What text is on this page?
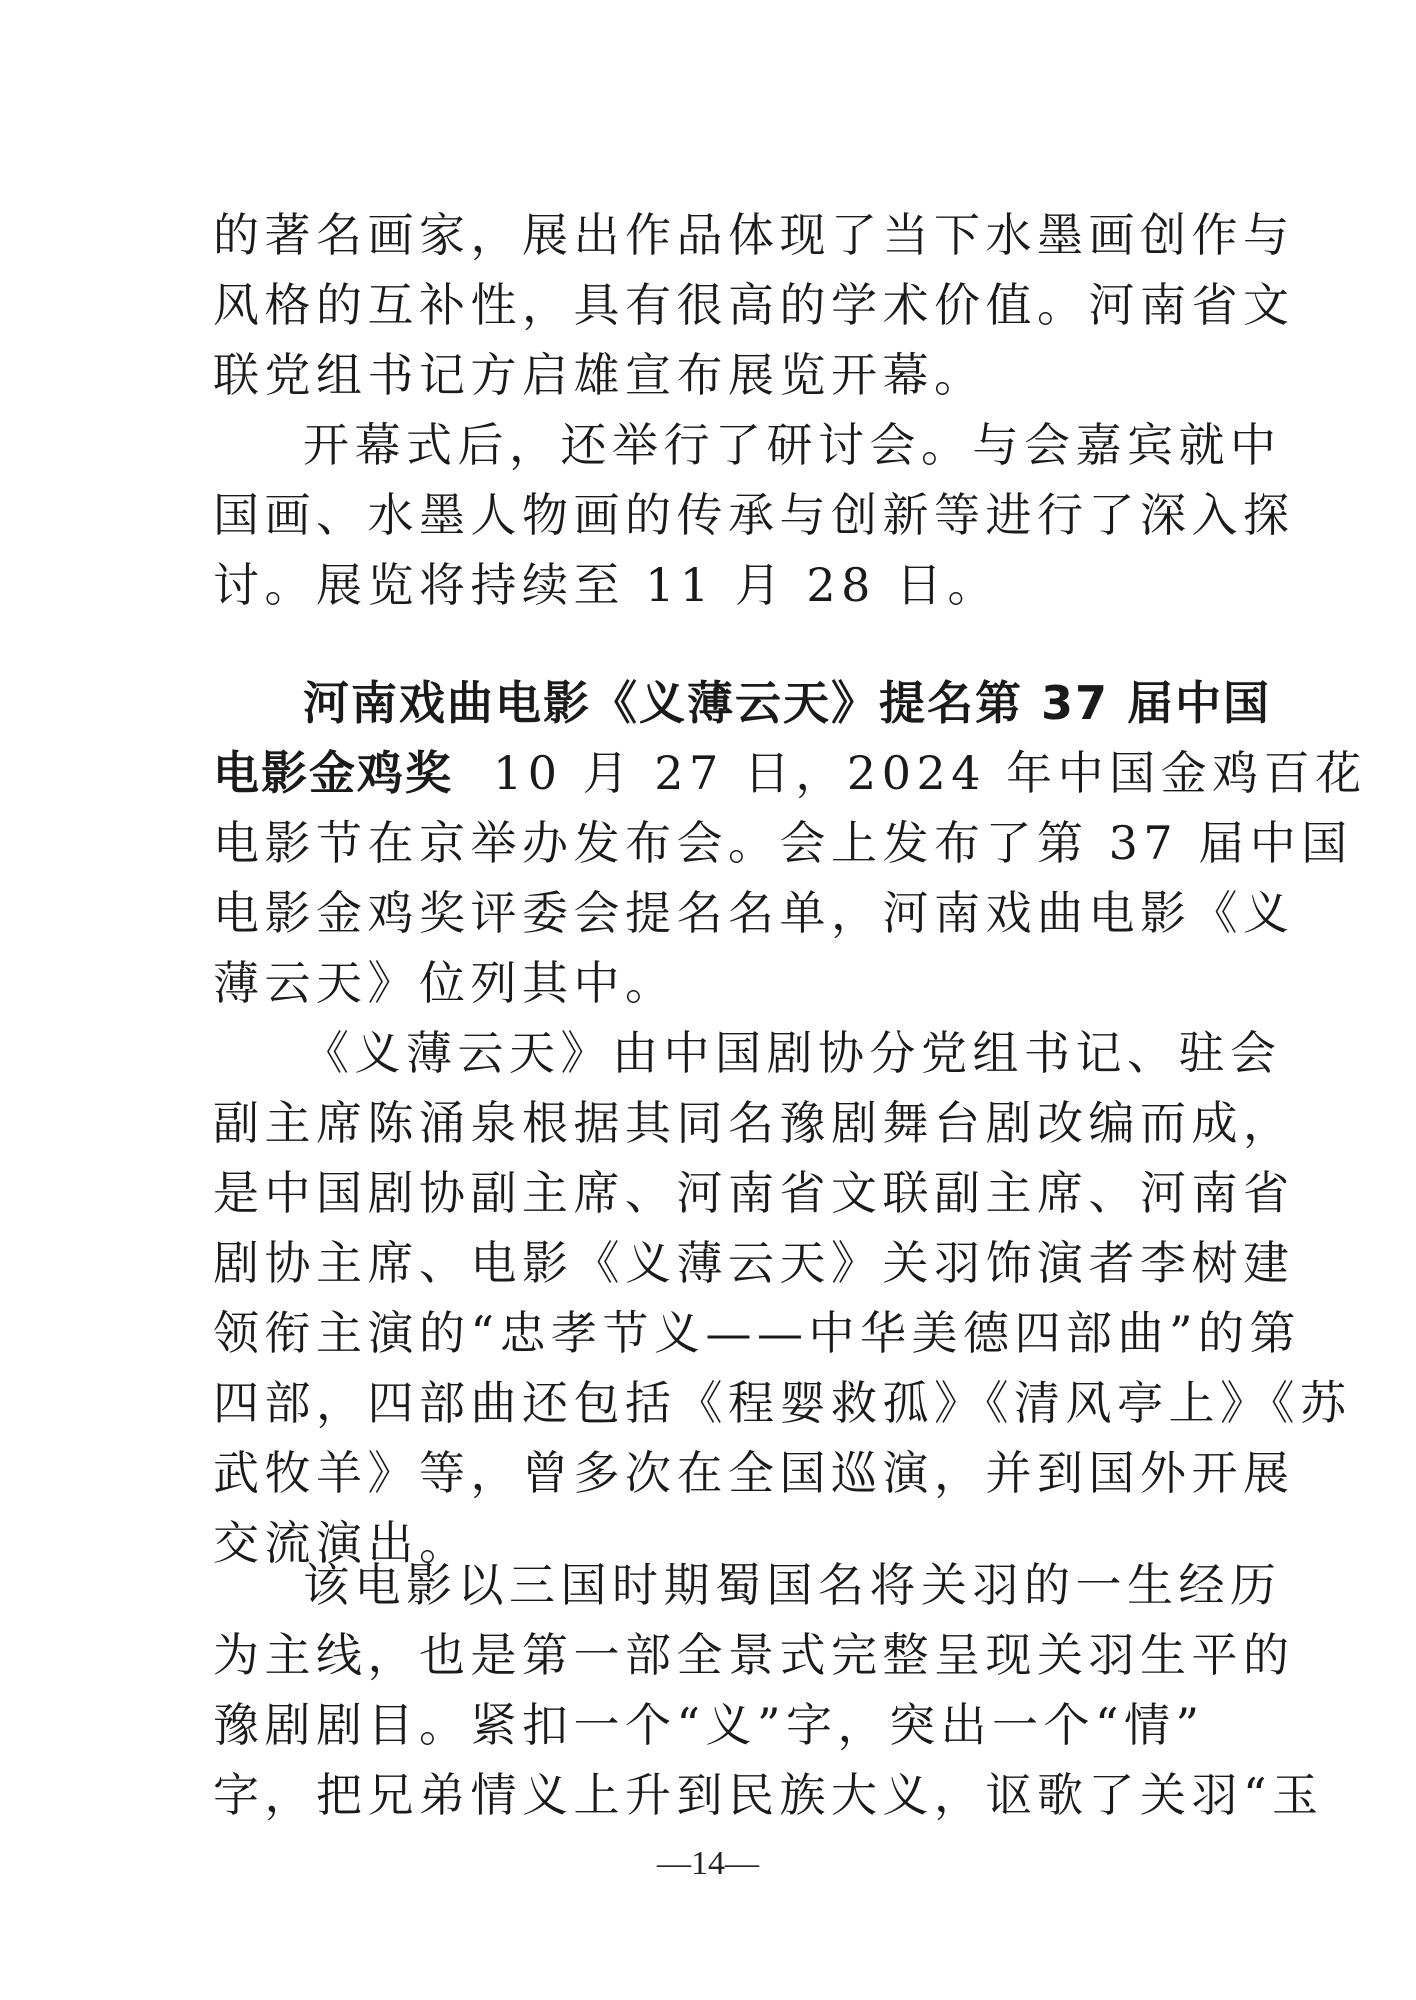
的著名画家，展出作品体现了当下水墨画创作与
风格的互补性，具有很高的学术价值。河南省文
联党组书记方启雄宣布展览开幕。
开幕式后，还举行了研讨会。与会嘉宾就中
国画、水墨人物画的传承与创新等进行了深入探
讨。展览将持续至 11 月 28 日。
河南戏曲电影《义薄云天》提名第 37 届中国
电影金鸡奖 10 月 27 日，2024 年中国金鸡百花
电影节在京举办发布会。会上发布了第 37 届中国
电影金鸡奖评委会提名名单，河南戏曲电影《义
薄云天》位列其中。
《义薄云天》由中国剧协分党组书记、驻会
副主席陈涌泉根据其同名豫剧舞台剧改编而成，
是中国剧协副主席、河南省文联副主席、河南省
剧协主席、电影《义薄云天》关羽饰演者李树建
领衔主演的“忠孝节义——中华美德四部曲”的第
四部，四部曲还包括《程婴救孤》《清风亭上》《苏
武牧羊》等，曾多次在全国巡演，并到国外开展
交流演出。
该电影以三国时期蜀国名将关羽的一生经历
为主线，也是第一部全景式完整呈现关羽生平的
豫剧剧目。紧扣一个“义”字，突出一个“情”
字，把兄弟情义上升到民族大义，讴歌了关羽“玉
—14—
